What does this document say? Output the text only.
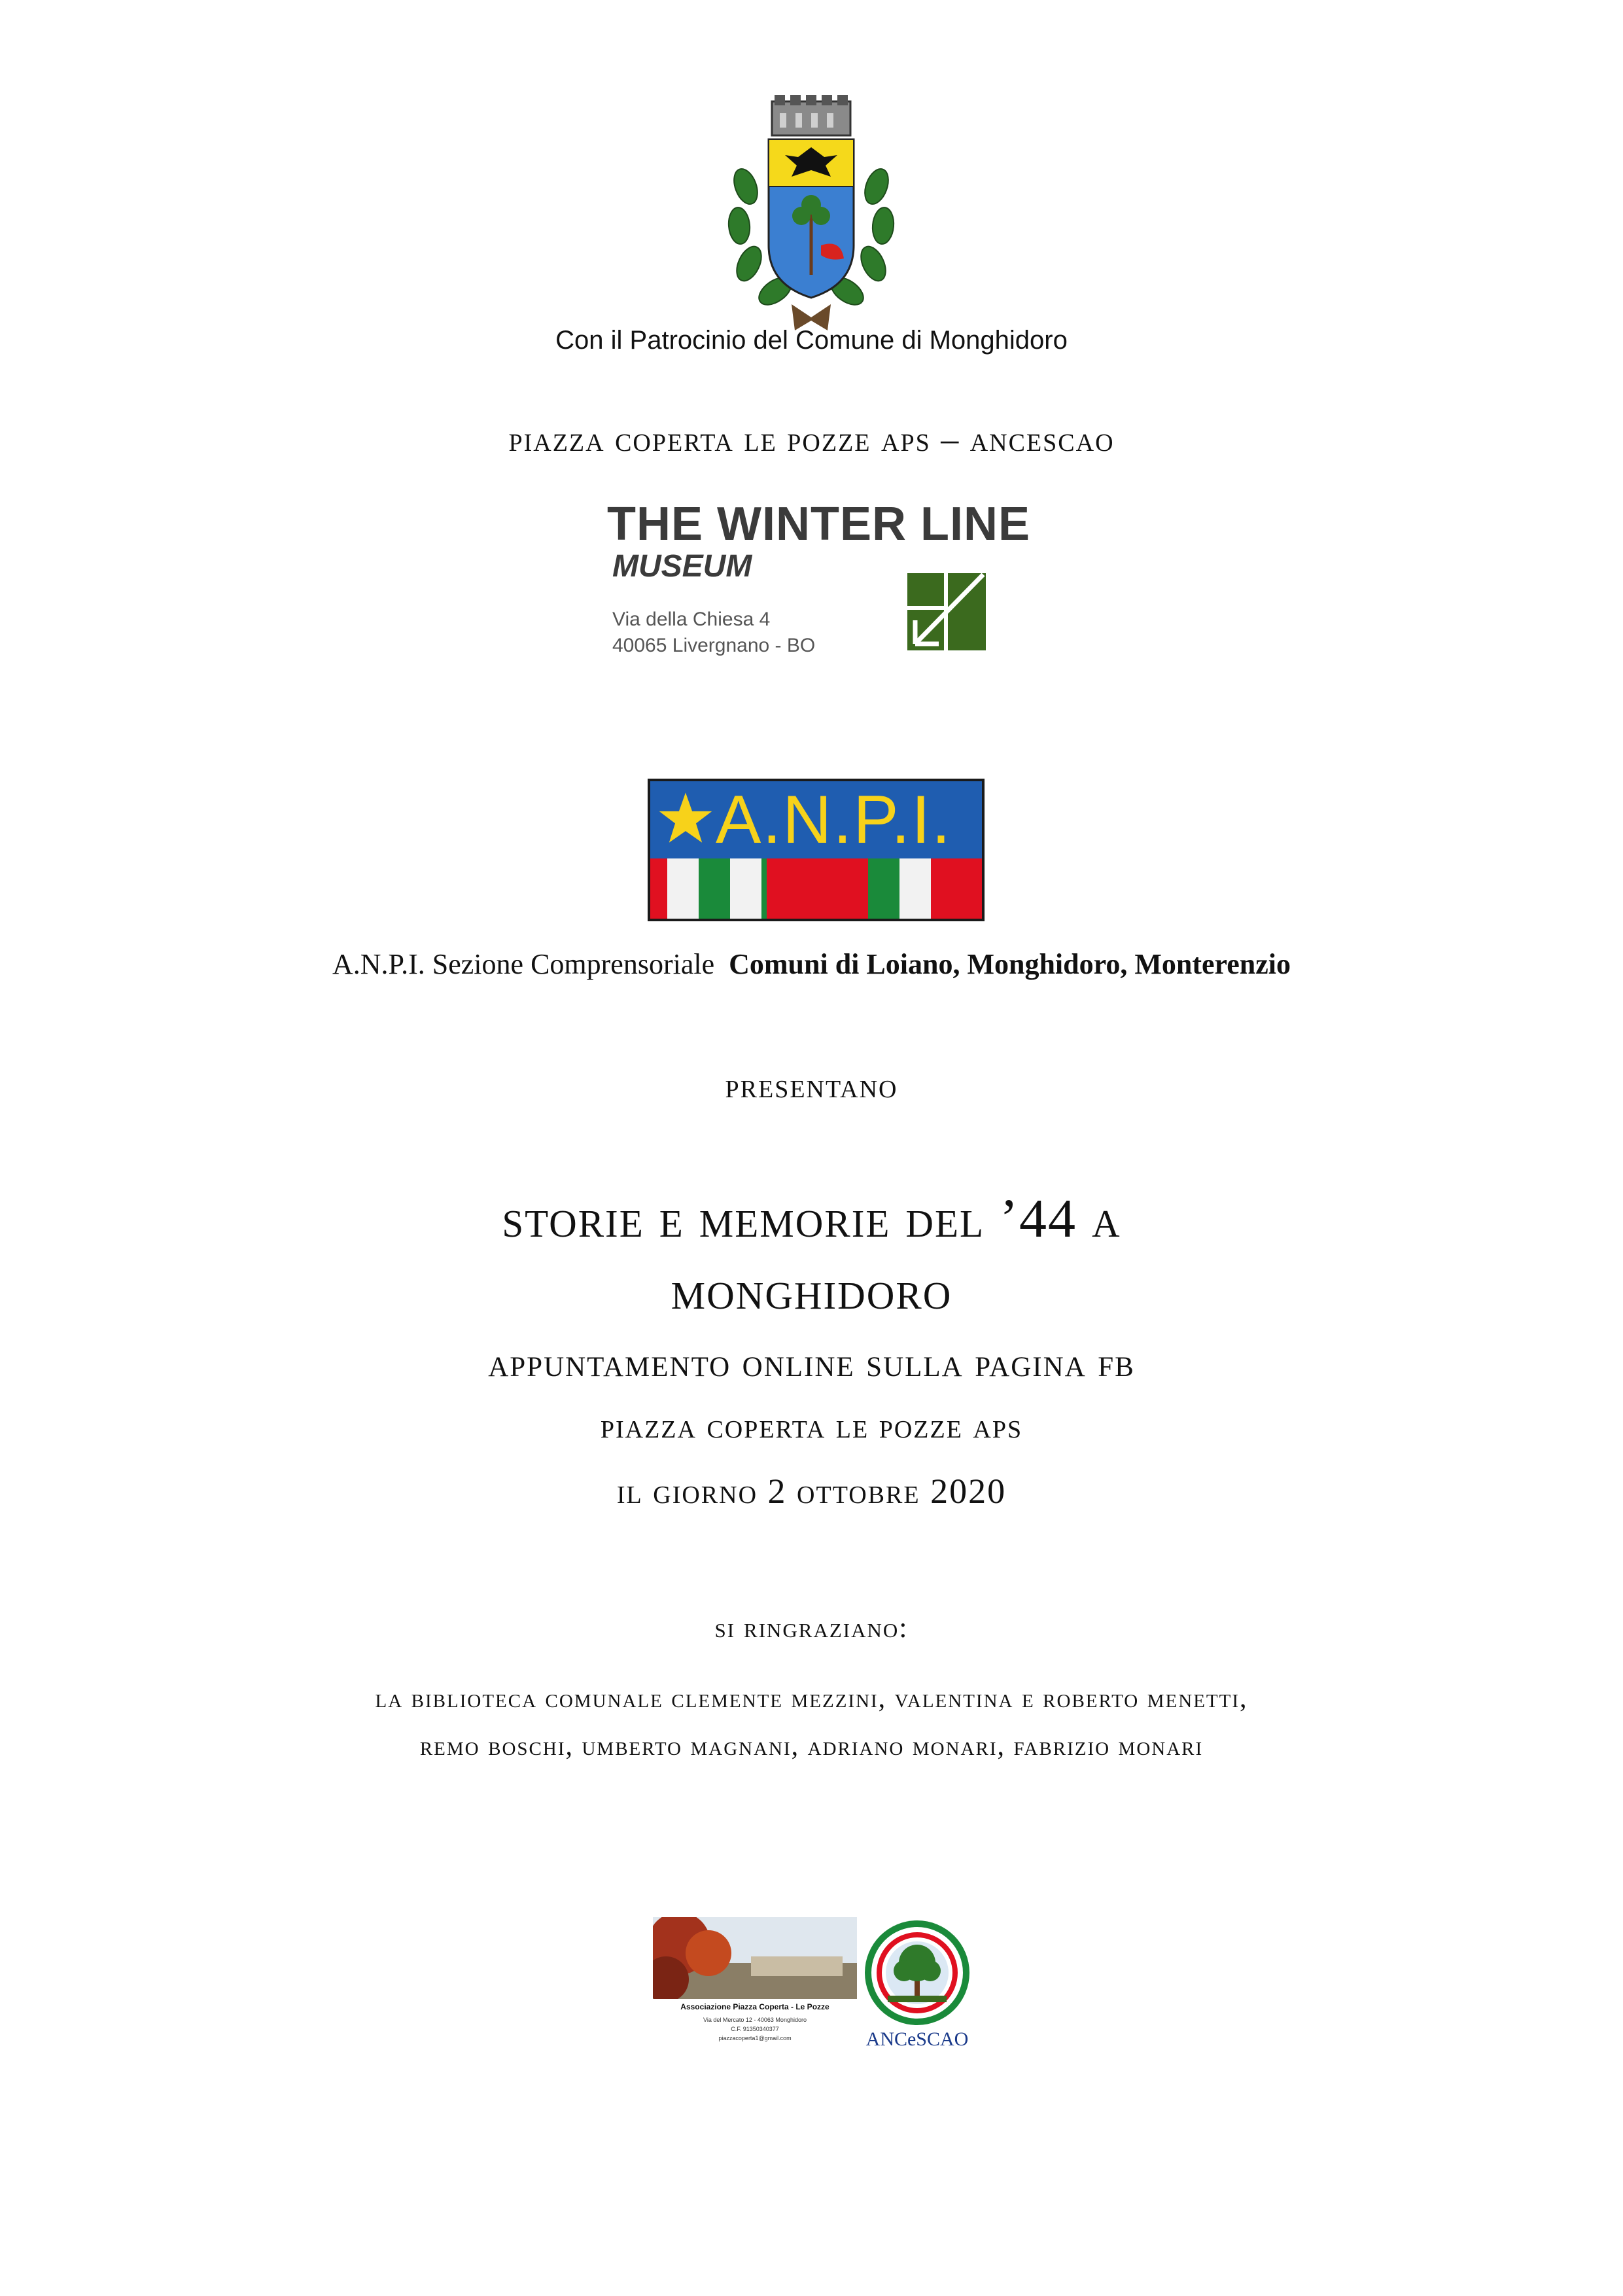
Con il Patrocinio del Comune di Monghidoro
piazza coperta le pozze aps – ancescao
THE WINTER LINE
MUSEUM
Via della Chiesa 4
40065 Livergnano - BO
A.N.P.I.
A.N.P.I. Sezione Comprensoriale Comuni di Loiano, Monghidoro, Monterenzio
presentano
storie e memorie del ’44 a
monghidoro
appuntamento online sulla pagina fb
piazza coperta le pozze aps
il giorno 2 ottobre 2020
si ringraziano:
la biblioteca comunale clemente mezzini, valentina e roberto menetti,
remo boschi, umberto magnani, adriano monari, fabrizio monari
Associazione Piazza Coperta - Le Pozze
Via del Mercato 12 - 40063 Monghidoro
C.F. 91350340377
piazzacoperta1@gmail.com	ANCeSCAO
